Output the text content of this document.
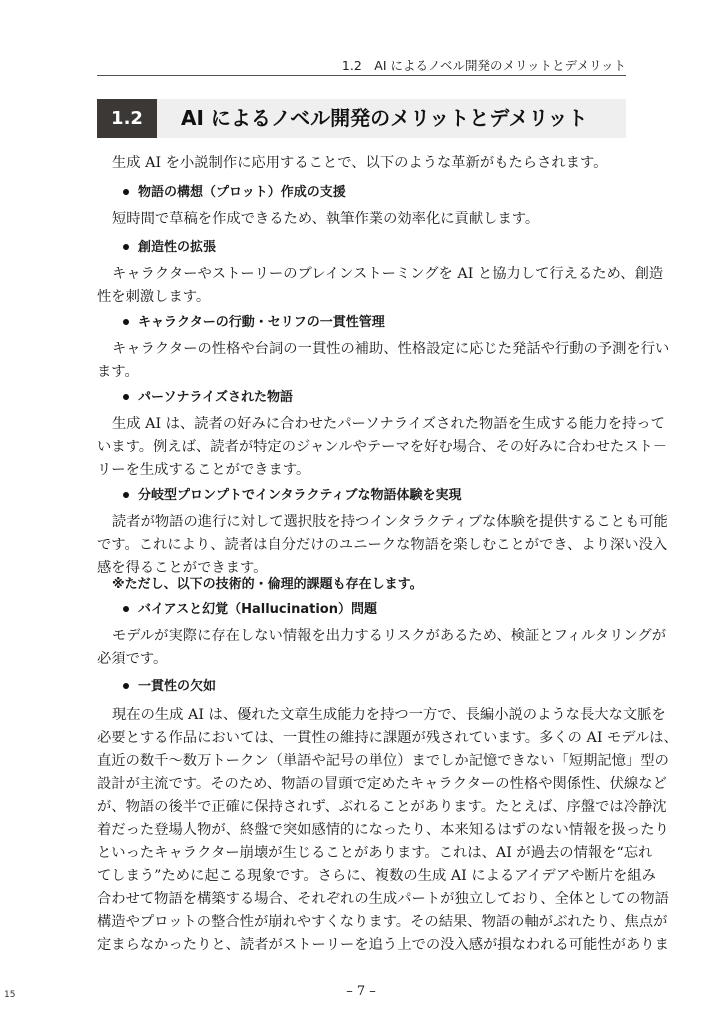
1.2　AI によるノベル開発のメリットとデメリット
1.2	AI によるノベル開発のメリットとデメリット
生成 AI を小説制作に応用することで、以下のような革新がもたらされます。
物語の構想（プロット）作成の支援
短時間で草稿を作成できるため、執筆作業の効率化に貢献します。
創造性の拡張
キャラクターやストーリーのブレインストーミングを AI と協力して行えるため、創造
性を刺激します。
キャラクターの行動・セリフの一貫性管理
キャラクターの性格や台詞の一貫性の補助、性格設定に応じた発話や行動の予測を行い
ます。
パーソナライズされた物語
生成 AI は、読者の好みに合わせたパーソナライズされた物語を生成する能力を持って
います。例えば、読者が特定のジャンルやテーマを好む場合、その好みに合わせたスト－
リーを生成することができます。
分岐型プロンプトでインタラクティブな物語体験を実現
読者が物語の進行に対して選択肢を持つインタラクティブな体験を提供することも可能
です。これにより、読者は自分だけのユニークな物語を楽しむことができ、より深い没入
感を得ることができます。
※ただし、以下の技術的・倫理的課題も存在します。
バイアスと幻覚（Hallucination）問題
モデルが実際に存在しない情報を出力するリスクがあるため、検証とフィルタリングが
必須です。
一貫性の欠如
現在の生成 AI は、優れた文章生成能力を持つ一方で、長編小説のような長大な文脈を
必要とする作品においては、一貫性の維持に課題が残されています。多くの AI モデルは、
直近の数千～数万トークン（単語や記号の単位）までしか記憶できない「短期記憶」型の
設計が主流です。そのため、物語の冒頭で定めたキャラクターの性格や関係性、伏線など
が、物語の後半で正確に保持されず、ぶれることがあります。たとえば、序盤では冷静沈
着だった登場人物が、終盤で突如感情的になったり、本来知るはずのない情報を扱ったり
といったキャラクター崩壊が生じることがあります。これは、AI が過去の情報を“忘れ
てしまう”ために起こる現象です。さらに、複数の生成 AI によるアイデアや断片を組み
合わせて物語を構築する場合、それぞれの生成パートが独立しており、全体としての物語
構造やプロットの整合性が崩れやすくなります。その結果、物語の軸がぶれたり、焦点が
定まらなかったりと、読者がストーリーを追う上での没入感が損なわれる可能性がありま
– 7 –
15
